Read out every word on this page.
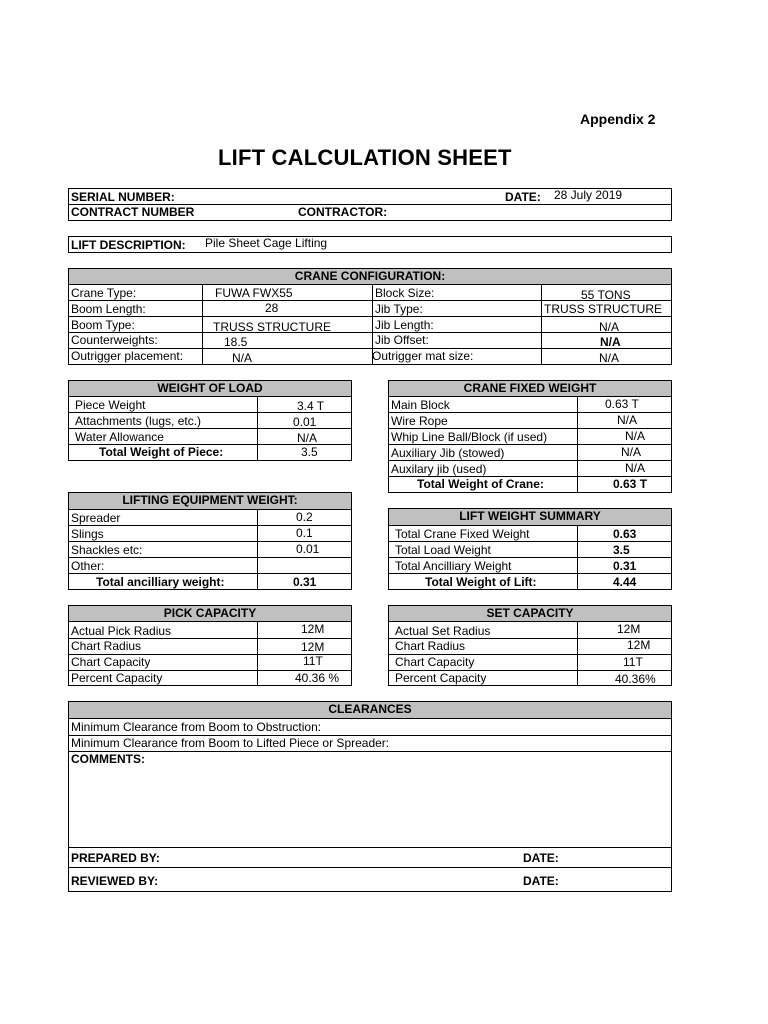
Appendix 2
LIFT CALCULATION SHEET
SERIAL NUMBER:	DATE: 28 July 2019
CONTRACT NUMBER	CONTRACTOR:
LIFT DESCRIPTION: Pile Sheet Cage Lifting
CRANE CONFIGURATION:
Crane Type:	FUWA FWX55	Block Size:	55 TONS
Boom Length:	28	Jib Type:	TRUSS STRUCTURE
Boom Type:	TRUSS STRUCTURE	Jib Length:	N/A
Counterweights:	18.5	Jib Offset:	N/A
Outrigger placement:	N/A	Outrigger mat size:	N/A
WEIGHT OF LOAD
Piece Weight	3.4 T
Attachments (lugs, etc.)	0.01
Water Allowance	N/A
Total Weight of Piece:	3.5
CRANE FIXED WEIGHT
Main Block	0.63 T
Wire Rope	N/A
Whip Line Ball/Block (if used)	N/A
Auxiliary Jib (stowed)	N/A
Auxilary jib (used)	N/A
Total Weight of Crane:	0.63 T
LIFTING EQUIPMENT WEIGHT:
Spreader	0.2
Slings	0.1
Shackles etc:	0.01
Other:
Total ancilliary weight:	0.31
LIFT WEIGHT SUMMARY
Total Crane Fixed Weight	0.63
Total Load Weight	3.5
Total Ancilliary Weight	0.31
Total Weight of Lift:	4.44
PICK CAPACITY
Actual Pick Radius	12M
Chart Radius	12M
Chart Capacity	11T
Percent Capacity	40.36 %
SET CAPACITY
Actual Set Radius	12M
Chart Radius	12M
Chart Capacity	11T
Percent Capacity	40.36%
CLEARANCES
Minimum Clearance from Boom to Obstruction:
Minimum Clearance from Boom to Lifted Piece or Spreader:
COMMENTS:
PREPARED BY:	DATE:
REVIEWED BY:	DATE:
